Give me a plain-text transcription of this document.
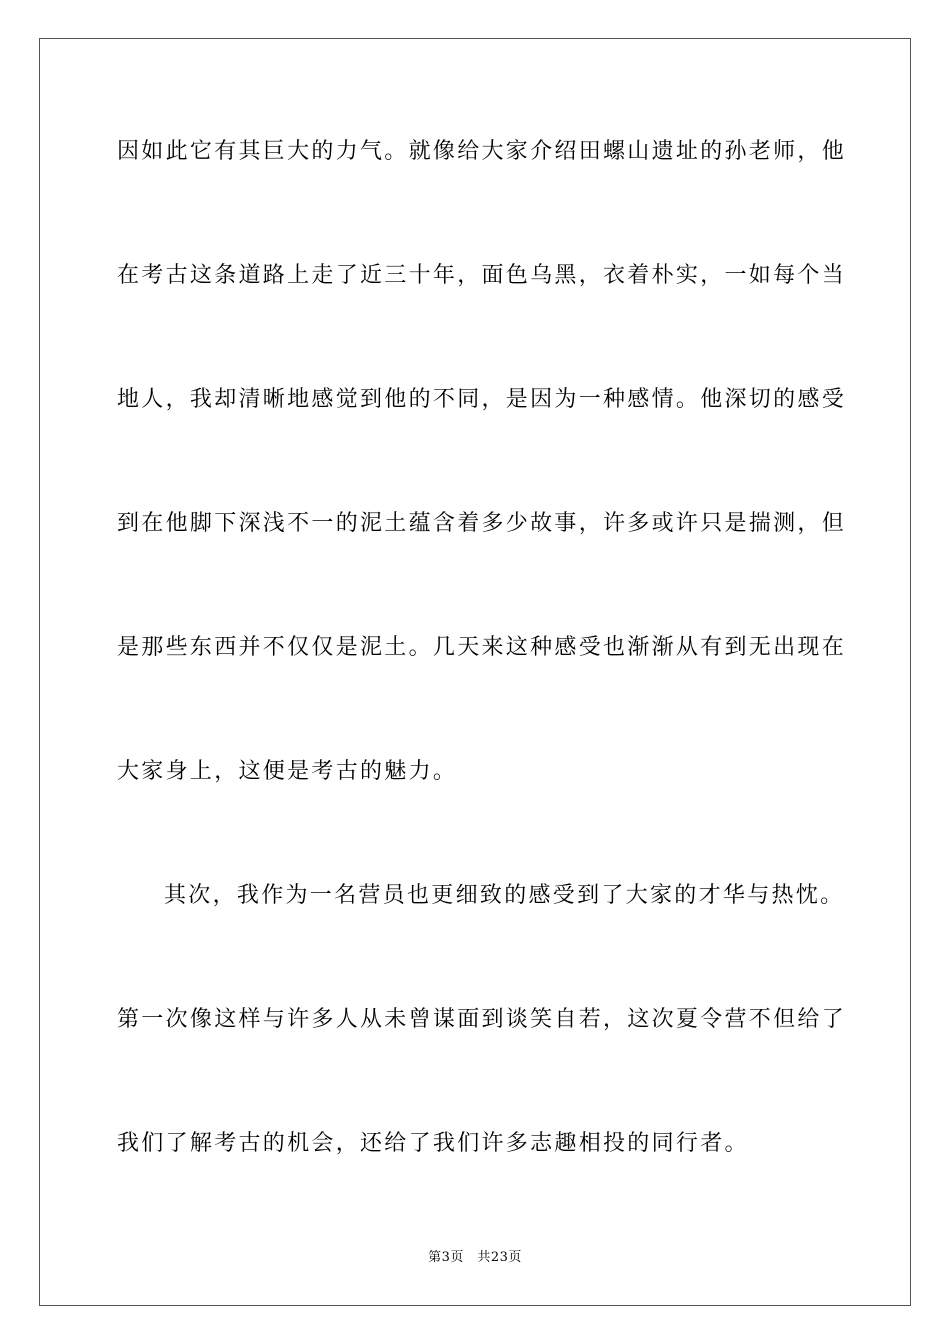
因如此它有其巨大的力气。就像给大家介绍田螺山遗址的孙老师，他
在考古这条道路上走了近三十年，面色乌黑，衣着朴实，一如每个当
地人，我却清晰地感觉到他的不同，是因为一种感情。他深切的感受
到在他脚下深浅不一的泥土蕴含着多少故事，许多或许只是揣测，但
是那些东西并不仅仅是泥土。几天来这种感受也渐渐从有到无出现在
大家身上，这便是考古的魅力。
其次，我作为一名营员也更细致的感受到了大家的才华与热忱。
第一次像这样与许多人从未曾谋面到谈笑自若，这次夏令营不但给了
我们了解考古的机会，还给了我们许多志趣相投的同行者。
第3页　共23页
